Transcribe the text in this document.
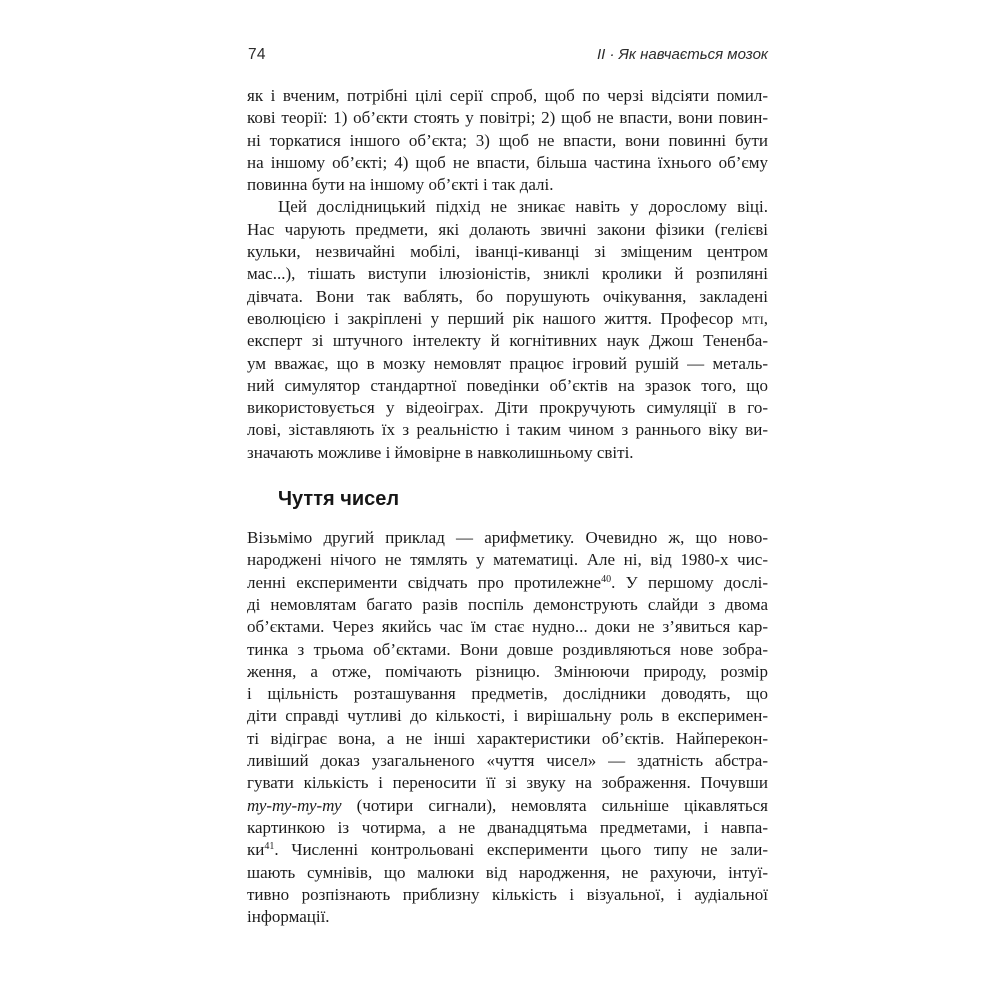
74	II · Як навчається мозок
як і вченим, потрібні цілі серії спроб, щоб по черзі відсіяти помил-
кові теорії: 1) об’єкти стоять у повітрі; 2) щоб не впасти, вони повин-
ні торкатися іншого об’єкта; 3) щоб не впасти, вони повинні бути
на іншому об’єкті; 4) щоб не впасти, більша частина їхнього об’єму
повинна бути на іншому об’єкті і так далі.
Цей дослідницький підхід не зникає навіть у дорослому віці.
Нас чарують предмети, які долають звичні закони фізики (гелієві
кульки, незвичайні мобілі, іванці-киванці зі зміщеним центром
мас...), тішать виступи ілюзіоністів, зниклі кролики й розпиляні
дівчата. Вони так ваблять, бо порушують очікування, закладені
еволюцією і закріплені у перший рік нашого життя. Професор мті,
експерт зі штучного інтелекту й когнітивних наук Джош Тененба-
ум вважає, що в мозку немовлят працює ігровий рушій — металь-
ний симулятор стандартної поведінки об’єктів на зразок того, що
використовується у відеоіграх. Діти прокручують симуляції в го-
лові, зіставляють їх з реальністю і таким чином з раннього віку ви-
значають можливе і ймовірне в навколишньому світі.
Чуття чисел
Візьмімо другий приклад — арифметику. Очевидно ж, що ново-
народжені нічого не тямлять у математиці. Але ні, від 1980-х чис-
ленні експерименти свідчать про протилежне$^{40}$. У першому дослі-
ді немовлятам багато разів поспіль демонструють слайди з двома
об’єктами. Через якийсь час їм стає нудно... доки не з’явиться кар-
тинка з трьома об’єктами. Вони довше роздивляються нове зобра-
ження, а отже, помічають різницю. Змінюючи природу, розмір
і щільність розташування предметів, дослідники доводять, що
діти справді чутливі до кількості, і вирішальну роль в експеримен-
ті відіграє вона, а не інші характеристики об’єктів. Найперекон-
ливіший доказ узагальненого «чуття чисел» — здатність абстра-
гувати кількість і переносити її зі звуку на зображення. Почувши
ту-ту-ту-ту (чотири сигнали), немовлята сильніше цікавляться
картинкою із чотирма, а не дванадцятьма предметами, і навпа-
$ки^{41}$. Численні контрольовані експерименти цього типу не зали-
шають сумнівів, що малюки від народження, не рахуючи, інтуї-
тивно розпізнають приблизну кількість і візуальної, і аудіальної
інформації.
